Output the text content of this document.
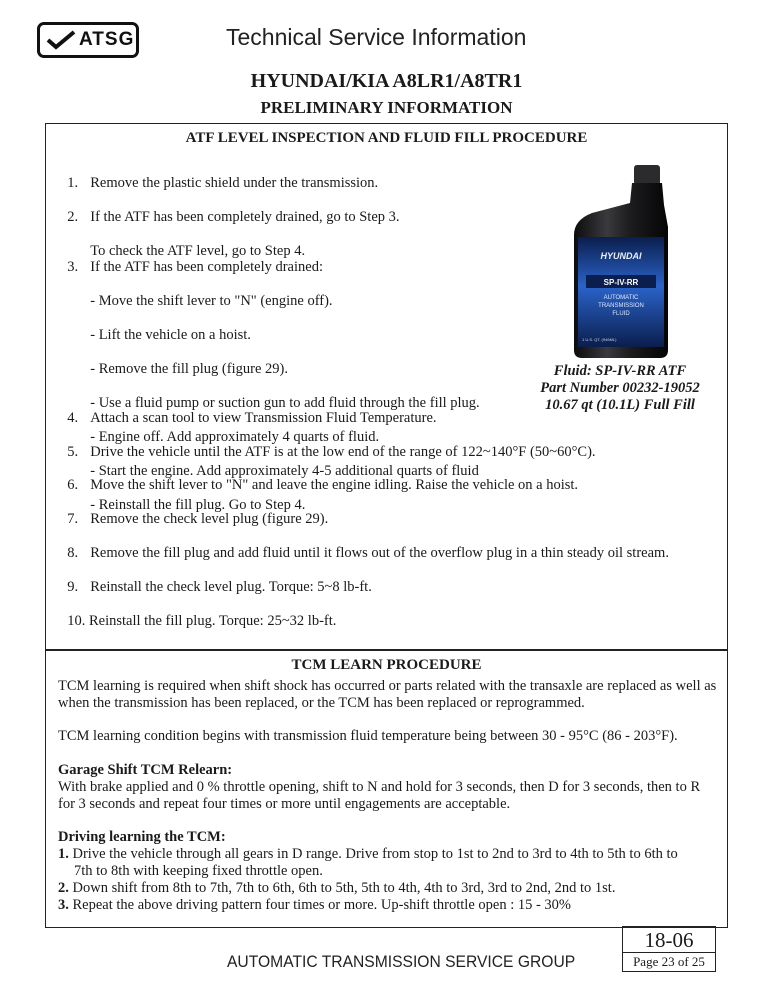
ATSG	Technical Service Information
HYUNDAI/KIA A8LR1/A8TR1
PRELIMINARY INFORMATION
ATF LEVEL INSPECTION AND FLUID FILL PROCEDURE

1. Remove the plastic shield under the transmission.

2. If the ATF has been completely drained, go to Step 3.

To check the ATF level, go to Step 4.

3. If the ATF has been completely drained:

- Move the shift lever to "N" (engine off).

- Lift the vehicle on a hoist.

- Remove the fill plug (figure 29).

- Use a fluid pump or suction gun to add fluid through the fill plug.

- Engine off. Add approximately 4 quarts of fluid.

- Start the engine. Add approximately 4-5 additional quarts of fluid

- Reinstall the fill plug. Go to Step 4.

4. Attach a scan tool to view Transmission Fluid Temperature.

5. Drive the vehicle until the ATF is at the low end of the range of 122~140°F (50~60°C).

6. Move the shift lever to "N" and leave the engine idling. Raise the vehicle on a hoist.

7. Remove the check level plug (figure 29).

8. Remove the fill plug and add fluid until it flows out of the overflow plug in a thin steady oil stream.

9. Reinstall the check level plug. Torque: 5~8 lb-ft.

10. Reinstall the fill plug. Torque: 25~32 lb-ft.

HYUNDAI
SP-IV-RR
AUTOMATIC
TRANSMISSION
FLUID
1 U.S. QT. (946ML)
Fluid: SP-IV-RR ATF
Part Number 00232-19052
10.67 qt (10.1L) Full Fill
TCM LEARN PROCEDURE
TCM learning is required when shift shock has occurred or parts related with the transaxle are replaced as well as when the transmission has been replaced, or the TCM has been replaced or reprogrammed.
TCM learning condition begins with transmission fluid temperature being between 30 - 95°C (86 - 203°F).
Garage Shift TCM Relearn:
With brake applied and 0 % throttle opening, shift to N and hold for 3 seconds, then D for 3 seconds, then to R for 3 seconds and repeat four times or more until engagements are acceptable.
Driving learning the TCM:
1. Drive the vehicle through all gears in D range. Drive from stop to 1st to 2nd to 3rd to 4th to 5th to 6th to
7th to 8th with keeping fixed throttle open.
2. Down shift from 8th to 7th, 7th to 6th, 6th to 5th, 5th to 4th, 4th to 3rd, 3rd to 2nd, 2nd to 1st.
3. Repeat the above driving pattern four times or more. Up-shift throttle open : 15 - 30%
AUTOMATIC TRANSMISSION SERVICE GROUP
18-06
Page 23 of 25
